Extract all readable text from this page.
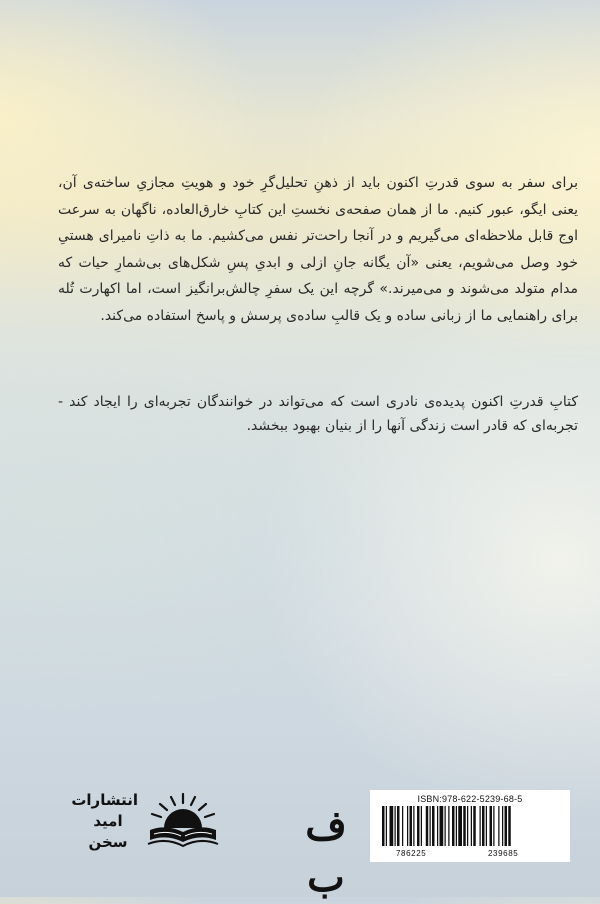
برای سفر به سوی قدرتِ اکنون باید از ذهنِ تحلیل‌گرِ خود و هویتِ مجازیِ ساخته‌ی آن، یعنی ایگو، عبور کنیم. ما از همان صفحه‌ی نخستِ این کتابِ خارق‌العاده، ناگهان به سرعت اوج قابل ملاحظه‌ای می‌گیریم و در آنجا راحت‌تر نفس می‌کشیم. ما به ذاتِ نامیرای هستیِ خود وصل می‌شویم، یعنی «آن یگانه جانِ ازلی و ابدیِ پسِ شکل‌های بی‌شمارِ حیات که مدام متولد می‌شوند و می‌میرند.» گرچه این یک سفرِ چالش‌برانگیز است، اما اکهارت تُله برای راهنمایی ما از زبانی ساده و یک قالبِ ساده‌ی پرسش و پاسخ استفاده می‌کند.

کتابِ قدرتِ اکنون پدیده‌ی نادری است که می‌تواند در خوانندگان تجربه‌ای را ایجاد کند - تجربه‌ای که قادر است زندگی آنها را از بنیان بهبود ببخشد.

انتشارات
امید
سخن	ف ب
ISBN:978-622-5239-68-5
786225	239685
